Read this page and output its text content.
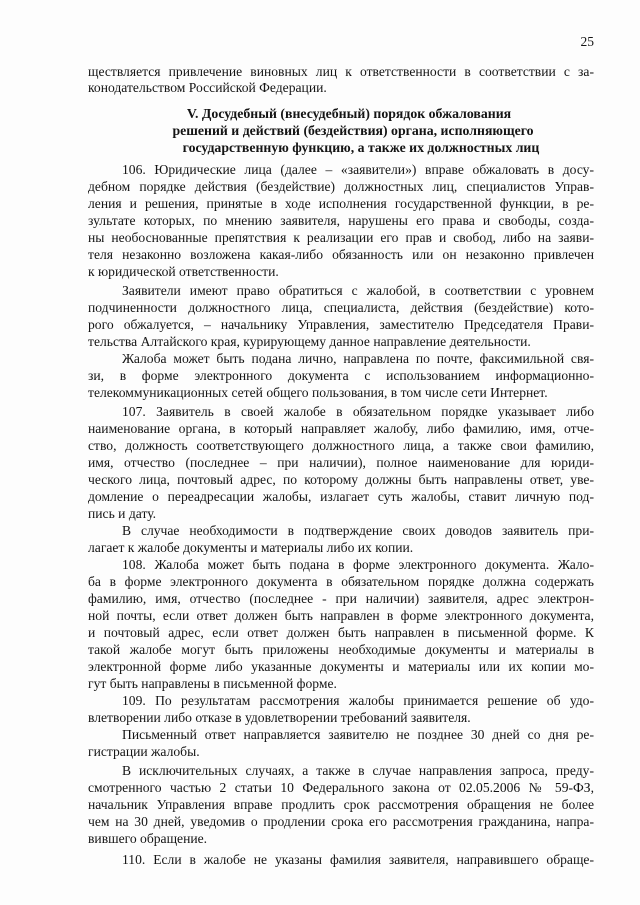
25
ществляется привлечение виновных лиц к ответственности в соответствии с за-
конодательством Российской Федерации.
V. Досудебный (внесудебный) порядок обжалования
решений и действий (бездействия) органа, исполняющего
государственную функцию, а также их должностных лиц
106. Юридические лица (далее – «заявители») вправе обжаловать в досу-
дебном порядке действия (бездействие) должностных лиц, специалистов Управ-
ления и решения, принятые в ходе исполнения государственной функции, в ре-
зультате которых, по мнению заявителя, нарушены его права и свободы, созда-
ны необоснованные препятствия к реализации его прав и свобод, либо на заяви-
теля незаконно возложена какая-либо обязанность или он незаконно привлечен
к юридической ответственности.
Заявители имеют право обратиться с жалобой, в соответствии с уровнем
подчиненности должностного лица, специалиста, действия (бездействие) кото-
рого обжалуется, – начальнику Управления, заместителю Председателя Прави-
тельства Алтайского края, курирующему данное направление деятельности.
Жалоба может быть подана лично, направлена по почте, факсимильной свя-
зи, в форме электронного документа с использованием информационно-
телекоммуникационных сетей общего пользования, в том числе сети Интернет.
107. Заявитель в своей жалобе в обязательном порядке указывает либо
наименование органа, в который направляет жалобу, либо фамилию, имя, отче-
ство, должность соответствующего должностного лица, а также свои фамилию,
имя, отчество (последнее – при наличии), полное наименование для юриди-
ческого лица, почтовый адрес, по которому должны быть направлены ответ, уве-
домление о переадресации жалобы, излагает суть жалобы, ставит личную под-
пись и дату.
В случае необходимости в подтверждение своих доводов заявитель при-
лагает к жалобе документы и материалы либо их копии.
108. Жалоба может быть подана в форме электронного документа. Жало-
ба в форме электронного документа в обязательном порядке должна содержать
фамилию, имя, отчество (последнее - при наличии) заявителя, адрес электрон-
ной почты, если ответ должен быть направлен в форме электронного документа,
и почтовый адрес, если ответ должен быть направлен в письменной форме. К
такой жалобе могут быть приложены необходимые документы и материалы в
электронной форме либо указанные документы и материалы или их копии мо-
гут быть направлены в письменной форме.
109. По результатам рассмотрения жалобы принимается решение об удо-
влетворении либо отказе в удовлетворении требований заявителя.
Письменный ответ направляется заявителю не позднее 30 дней со дня ре-
гистрации жалобы.
В исключительных случаях, а также в случае направления запроса, преду-
смотренного частью 2 статьи 10 Федерального закона от 02.05.2006 № 59-ФЗ,
начальник Управления вправе продлить срок рассмотрения обращения не более
чем на 30 дней, уведомив о продлении срока его рассмотрения гражданина, напра-
вившего обращение.
110. Если в жалобе не указаны фамилия заявителя, направившего обраще-
